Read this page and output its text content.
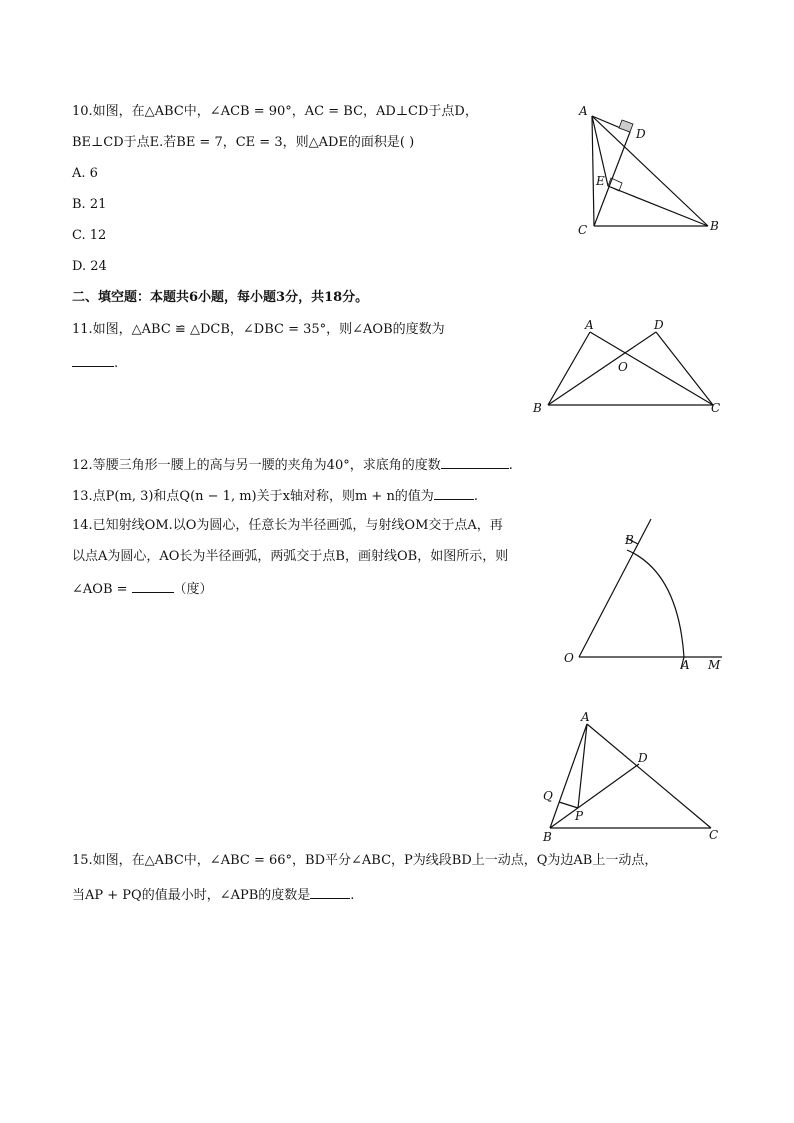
10.如图，在△ABC中，∠ACB = 90°，AC = BC，AD⊥CD于点D，
BE⊥CD于点E.若BE = 7，CE = 3，则△ADE的面积是( )
A. 6
B. 21
C. 12
D. 24
A
D
E
C	B
二、填空题：本题共6小题，每小题3分，共18分。
11.如图，△ABC ≌ △DCB，∠DBC = 35°，则∠AOB的度数为
.
A	D
O
B	C
12.等腰三角形一腰上的高与另一腰的夹角为40°，求底角的度数	.
13.点P(m, 3)和点Q(n − 1, m)关于x轴对称，则m + n的值为	.
14.已知射线OM.以O为圆心，任意长为半径画弧，与射线OM交于点A，再
以点A为圆心，AO长为半径画弧，两弧交于点B，画射线OB，如图所示，则
∠AOB =	（度）
B
O	A M
A
D
Q
P
B	C
15.如图，在△ABC中，∠ABC = 66°，BD平分∠ABC，P为线段BD上一动点，Q为边AB上一动点，
当AP + PQ的值最小时，∠APB的度数是	.
